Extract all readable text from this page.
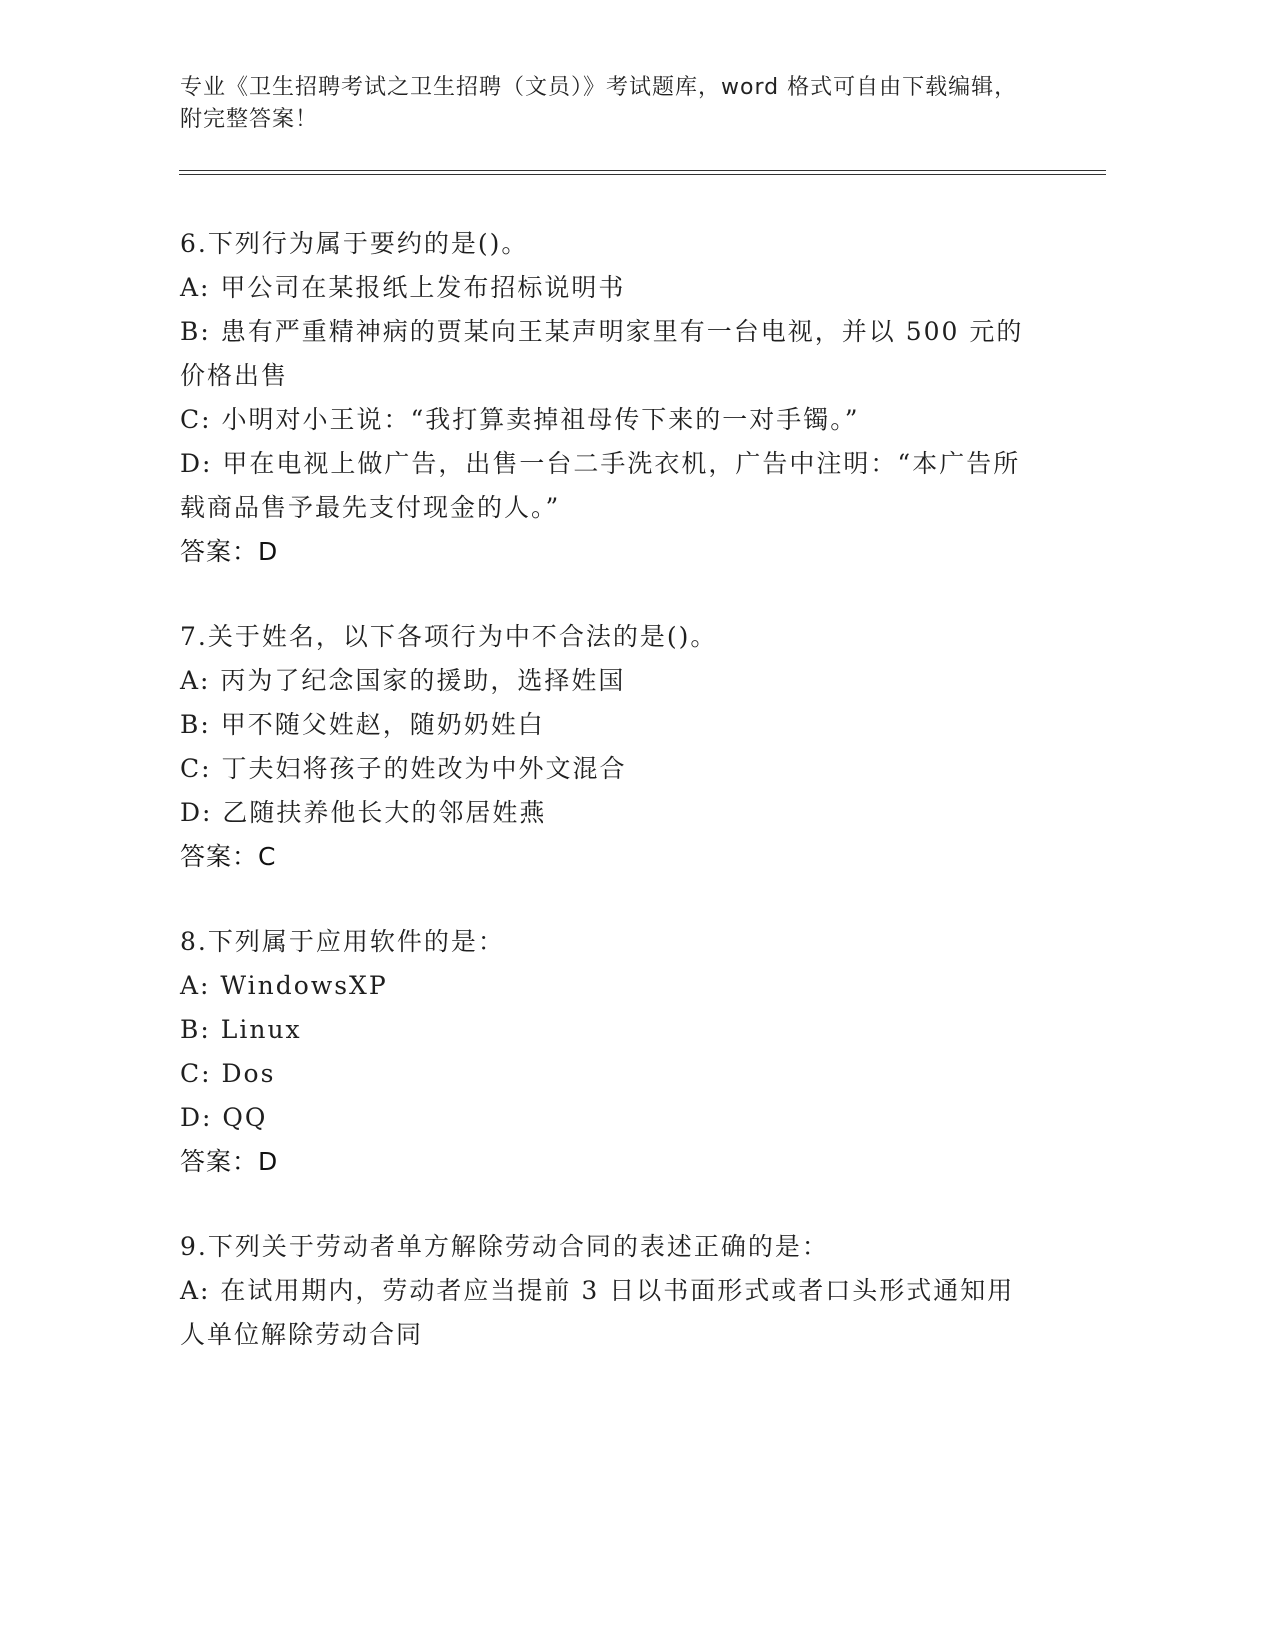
专业《卫生招聘考试之卫生招聘（文员）》考试题库，word 格式可自由下载编辑，附完整答案！

6.下列行为属于要约的是()。

A: 甲公司在某报纸上发布招标说明书

B: 患有严重精神病的贾某向王某声明家里有一台电视，并以 500 元的价格出售

C: 小明对小王说：“我打算卖掉祖母传下来的一对手镯。”

D: 甲在电视上做广告，出售一台二手洗衣机，广告中注明：“本广告所载商品售予最先支付现金的人。”

答案：D

7.关于姓名，以下各项行为中不合法的是()。

A: 丙为了纪念国家的援助，选择姓国

B: 甲不随父姓赵，随奶奶姓白

C: 丁夫妇将孩子的姓改为中外文混合

D: 乙随扶养他长大的邻居姓燕

答案：C

8.下列属于应用软件的是：

A: WindowsXP

B: Linux

C: Dos

D: QQ

答案：D

9.下列关于劳动者单方解除劳动合同的表述正确的是：

A: 在试用期内，劳动者应当提前 3 日以书面形式或者口头形式通知用人单位解除劳动合同
